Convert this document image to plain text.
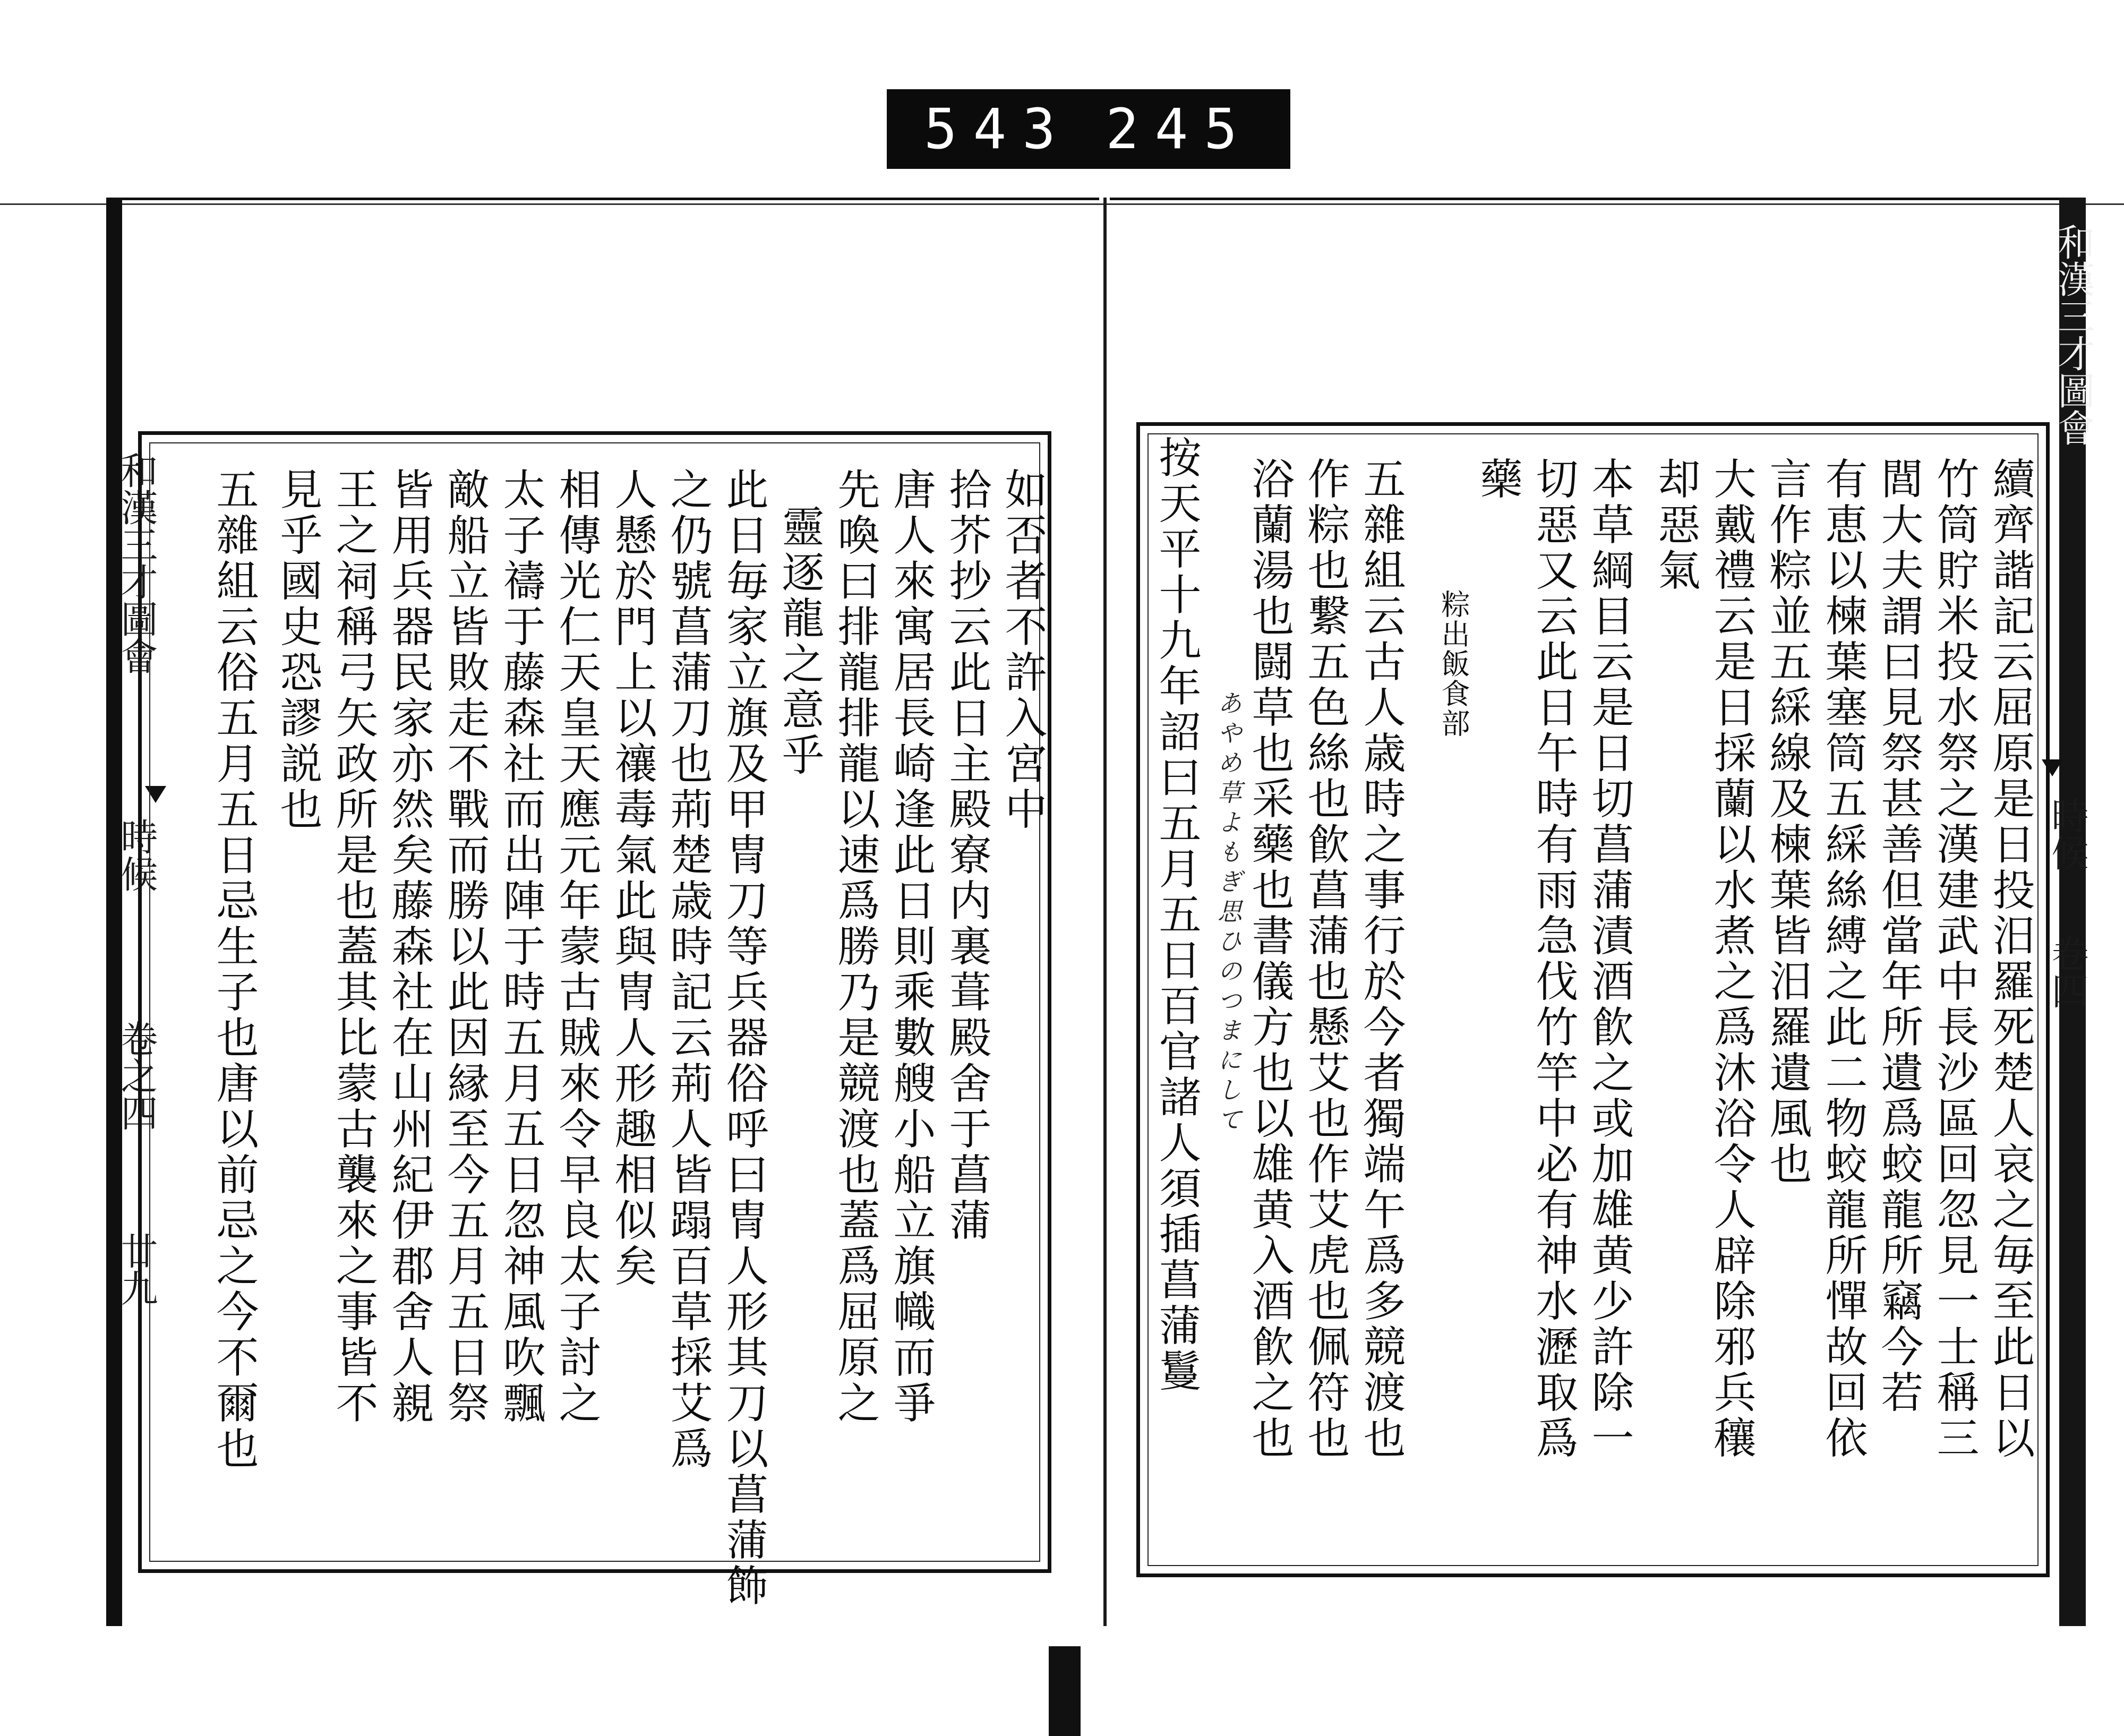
543 245
和漢三才圖會
時候
卷之四
廿九
如否者不許入宮中
拾芥抄云此日主殿寮内裏葺殿舍于菖蒲
唐人來寓居長崎逢此日則乘數艘小船立旗幟而爭
先喚曰排龍排龍以速爲勝乃是競渡也蓋爲屈原之
靈逐龍之意乎
此日毎家立旗及甲冑刀等兵器俗呼曰冑人形其刀以菖蒲飾
之仍號菖蒲刀也荊楚歳時記云荊人皆蹋百草採艾爲
人懸於門上以禳毒氣此與冑人形趣相似矣
相傳光仁天皇天應元年蒙古賊來令早良太子討之
太子禱于藤森社而出陣于時五月五日忽神風吹飄
敵船立皆敗走不戰而勝以此因縁至今五月五日祭
皆用兵器民家亦然矣藤森社在山州紀伊郡舍人親
王之祠稱弓矢政所是也蓋其比蒙古襲來之事皆不
見乎國史恐謬説也
五雜組云俗五月五日忌生子也唐以前忌之今不爾也
和漢三才圖會
時候
卷四
續齊諧記云屈原是日投汨羅死楚人哀之毎至此日以
竹筒貯米投水祭之漢建武中長沙區回忽見一士稱三
閭大夫謂曰見祭甚善但當年所遺爲蛟龍所竊今若
有恵以楝葉塞筒五綵絲縛之此二物蛟龍所憚故回依
言作粽並五綵線及楝葉皆汨羅遺風也
大戴禮云是日採蘭以水煮之爲沐浴令人辟除邪兵穰
却惡氣
本草綱目云是日切菖蒲漬酒飮之或加雄黄少許除一
切惡又云此日午時有雨急伐竹竿中必有神水瀝取爲
藥
粽出飯食部
五雜組云古人歳時之事行於今者獨端午爲多競渡也
作粽也繋五色絲也飮菖蒲也懸艾也作艾虎也佩符也
浴蘭湯也闘草也采藥也書儀方也以雄黄入酒飮之也
あやめ草よもぎ思ひのつまにして
按天平十九年詔曰五月五日百官諸人須插菖蒲鬘
